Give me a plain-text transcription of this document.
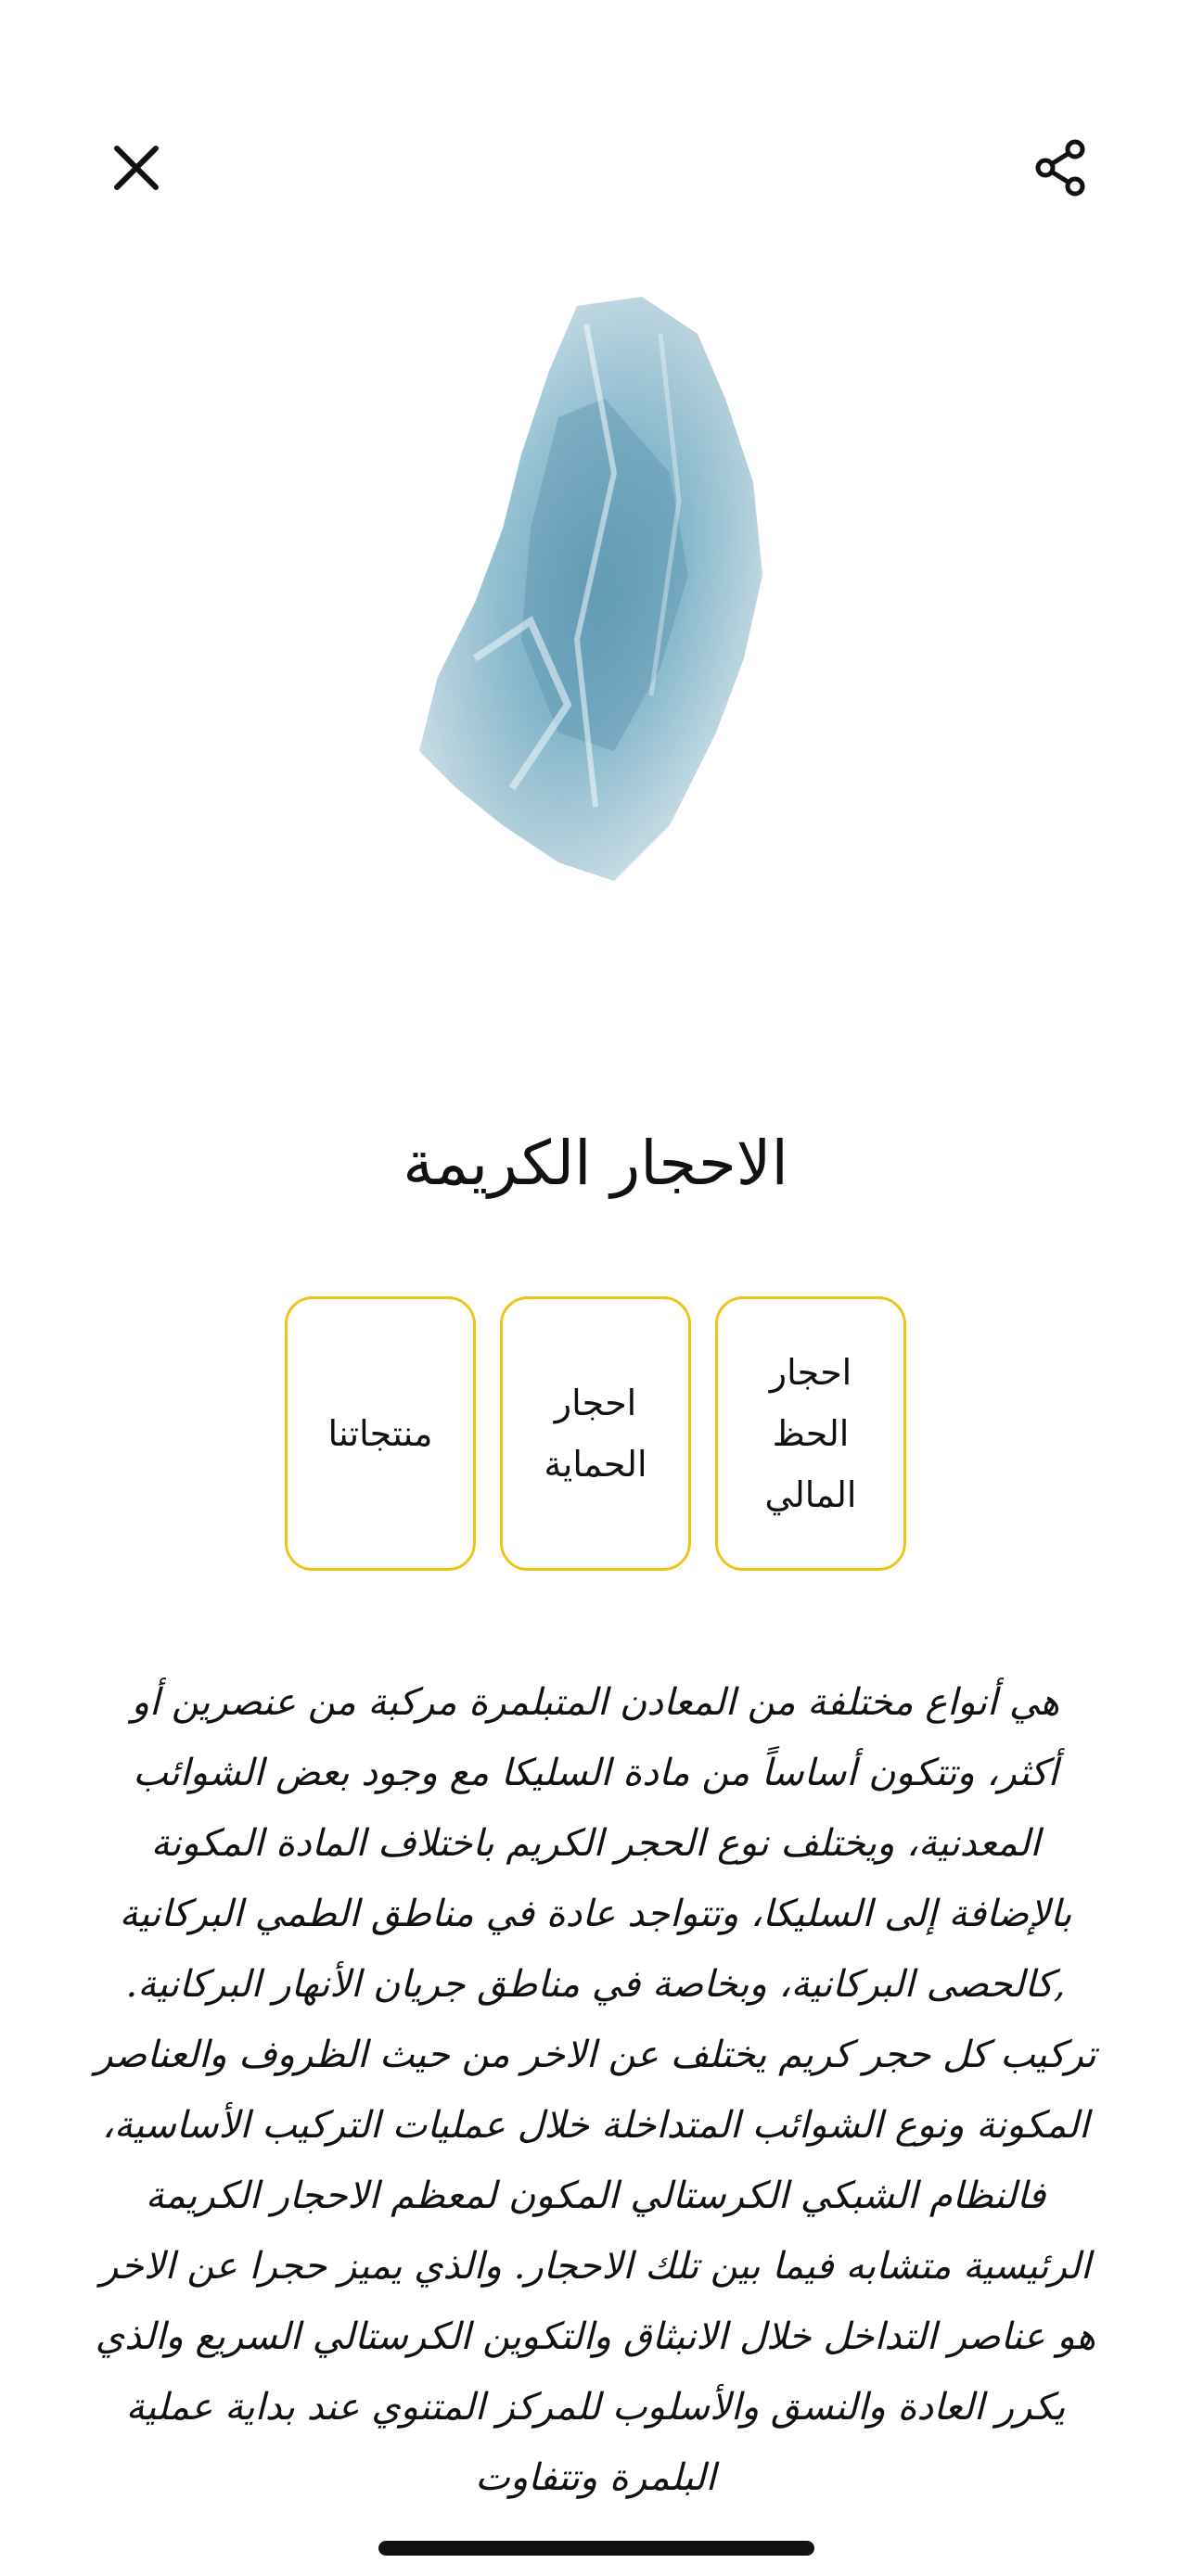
الاحجار الكريمة
احجار الحظ المالي
احجار الحماية
منتجاتنا
هي أنواع مختلفة من المعادن المتبلمرة مركبة من عنصرين أو أكثر، وتتكون أساساً من مادة السليكا مع وجود بعض الشوائب المعدنية، ويختلف نوع الحجر الكريم باختلاف المادة المكونة بالإضافة إلى السليكا، وتتواجد عادة في مناطق الطمي البركانية ,كالحصى البركانية، وبخاصة في مناطق جريان الأنهار البركانية. تركيب كل حجر كريم يختلف عن الاخر من حيث الظروف والعناصر المكونة ونوع الشوائب المتداخلة خلال عمليات التركيب الأساسية، فالنظام الشبكي الكرستالي المكون لمعظم الاحجار الكريمة الرئيسية متشابه فيما بين تلك الاحجار. والذي يميز حجرا عن الاخر هو عناصر التداخل خلال الانبثاق والتكوين الكرستالي السريع والذي يكرر العادة والنسق والأسلوب للمركز المتنوي عند بداية عملية البلمرة وتتفاوت
